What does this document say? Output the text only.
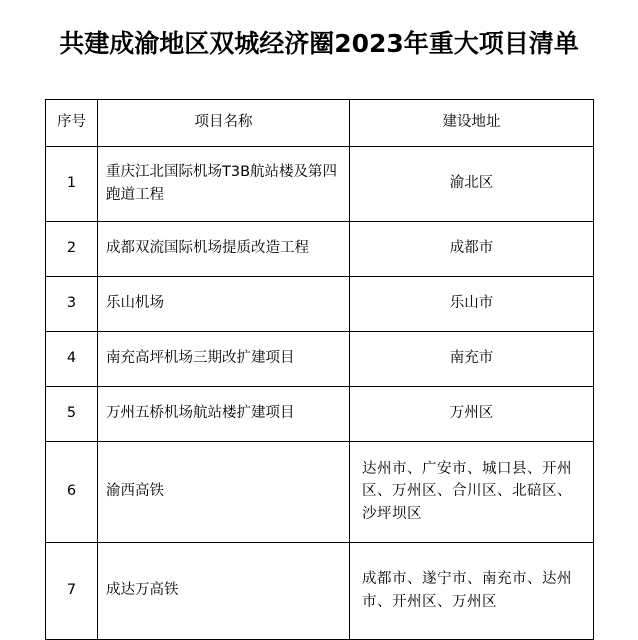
共建成渝地区双城经济圈2023年重大项目清单
序号	项目名称	建设地址
1	重庆江北国际机场T3B航站楼及第四跑道工程	渝北区
2	成都双流国际机场提质改造工程	成都市
3	乐山机场	乐山市
4	南充高坪机场三期改扩建项目	南充市
5	万州五桥机场航站楼扩建项目	万州区
6	渝西高铁	达州市、广安市、城口县、开州区、万州区、合川区、北碚区、沙坪坝区
7	成达万高铁	成都市、遂宁市、南充市、达州市、开州区、万州区
